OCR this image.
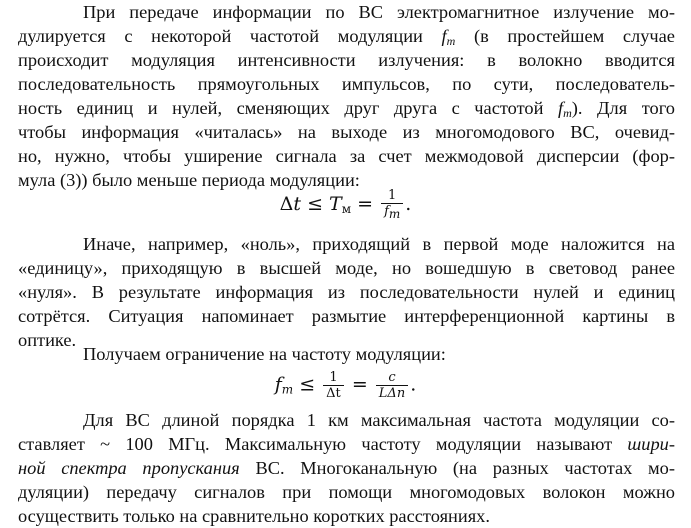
При передаче информации по ВС электромагнитное излучение мо-
дулируется с некоторой частотой модуляции $f_m$ (в простейшем случае
происходит модуляция интенсивности излучения: в волокно вводится
последовательность прямоугольных импульсов, по сути, последователь-
ность единиц и нулей, сменяющих друг друга с частотой $f_m$). Для того
чтобы информация «читалась» на выходе из многомодового ВС, очевид-
но, нужно, чтобы уширение сигнала за счет межмодовой дисперсии (фор-
мула (3)) было меньше периода модуляции:
$\Delta t \le T_м = \frac{1}{f_m}$ .
Иначе, например, «ноль», приходящий в первой моде наложится на
«единицу», приходящую в высшей моде, но вошедшую в световод ранее
«нуля». В результате информация из последовательности нулей и единиц
сотрётся. Ситуация напоминает размытие интерференционной картины в
оптике.
Получаем ограничение на частоту модуляции:
$f_m \le \frac{1}{\Delta t} = \frac{c}{\text{LΔn}}$ .
Для ВС длиной порядка 1 км максимальная частота модуляции со-
ставляет ~ 100 МГц. Максимальную частоту модуляции называют шири-
ной спектра пропускания ВС. Многоканальную (на разных частотах мо-
дуляции) передачу сигналов при помощи многомодовых волокон можно
осуществить только на сравнительно коротких расстояниях.
